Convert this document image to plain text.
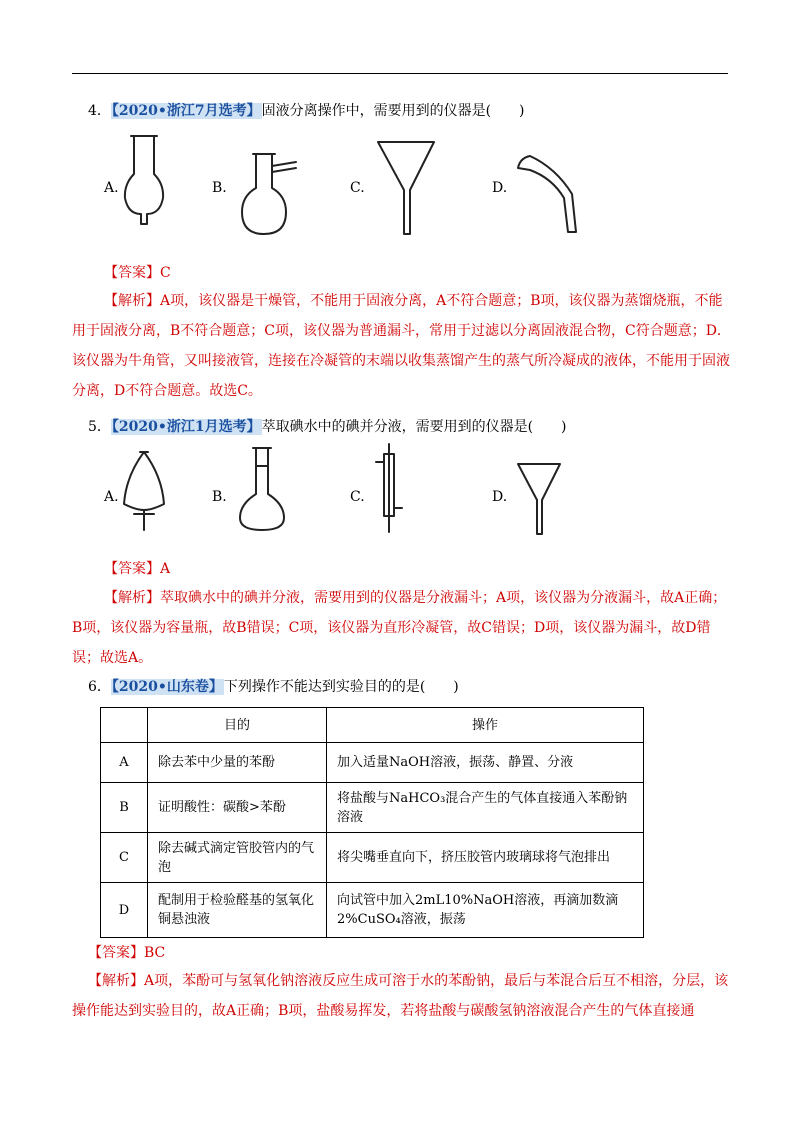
4．【2020•浙江7月选考】固液分离操作中，需要用到的仪器是(　　)
A.	B.	C.	D.
【答案】C
【解析】A项，该仪器是干燥管，不能用于固液分离，A不符合题意；B项，该仪器为蒸馏烧瓶，不能用于固液分离，B不符合题意；C项，该仪器为普通漏斗，常用于过滤以分离固液混合物，C符合题意；D．该仪器为牛角管，又叫接液管，连接在冷凝管的末端以收集蒸馏产生的蒸气所冷凝成的液体，不能用于固液分离，D不符合题意。故选C。
5．【2020•浙江1月选考】萃取碘水中的碘并分液，需要用到的仪器是(　　)
A.	B.	C.	D.
【答案】A
【解析】萃取碘水中的碘并分液，需要用到的仪器是分液漏斗；A项，该仪器为分液漏斗，故A正确；B项，该仪器为容量瓶，故B错误；C项，该仪器为直形冷凝管，故C错误；D项，该仪器为漏斗，故D错误；故选A。
6．【2020•山东卷】下列操作不能达到实验目的的是(　　)
	目的	操作
A	除去苯中少量的苯酚	加入适量NaOH溶液，振荡、静置、分液
B	证明酸性：碳酸>苯酚	将盐酸与NaHCO₃混合产生的气体直接通入苯酚钠溶液
C	除去碱式滴定管胶管内的气泡	将尖嘴垂直向下，挤压胶管内玻璃球将气泡排出
D	配制用于检验醛基的氢氧化铜悬浊液	向试管中加入2mL10%NaOH溶液，再滴加数滴2%CuSO₄溶液，振荡
【答案】BC
【解析】A项，苯酚可与氢氧化钠溶液反应生成可溶于水的苯酚钠，最后与苯混合后互不相溶，分层，该操作能达到实验目的，故A正确；B项，盐酸易挥发，若将盐酸与碳酸氢钠溶液混合产生的气体直接通
